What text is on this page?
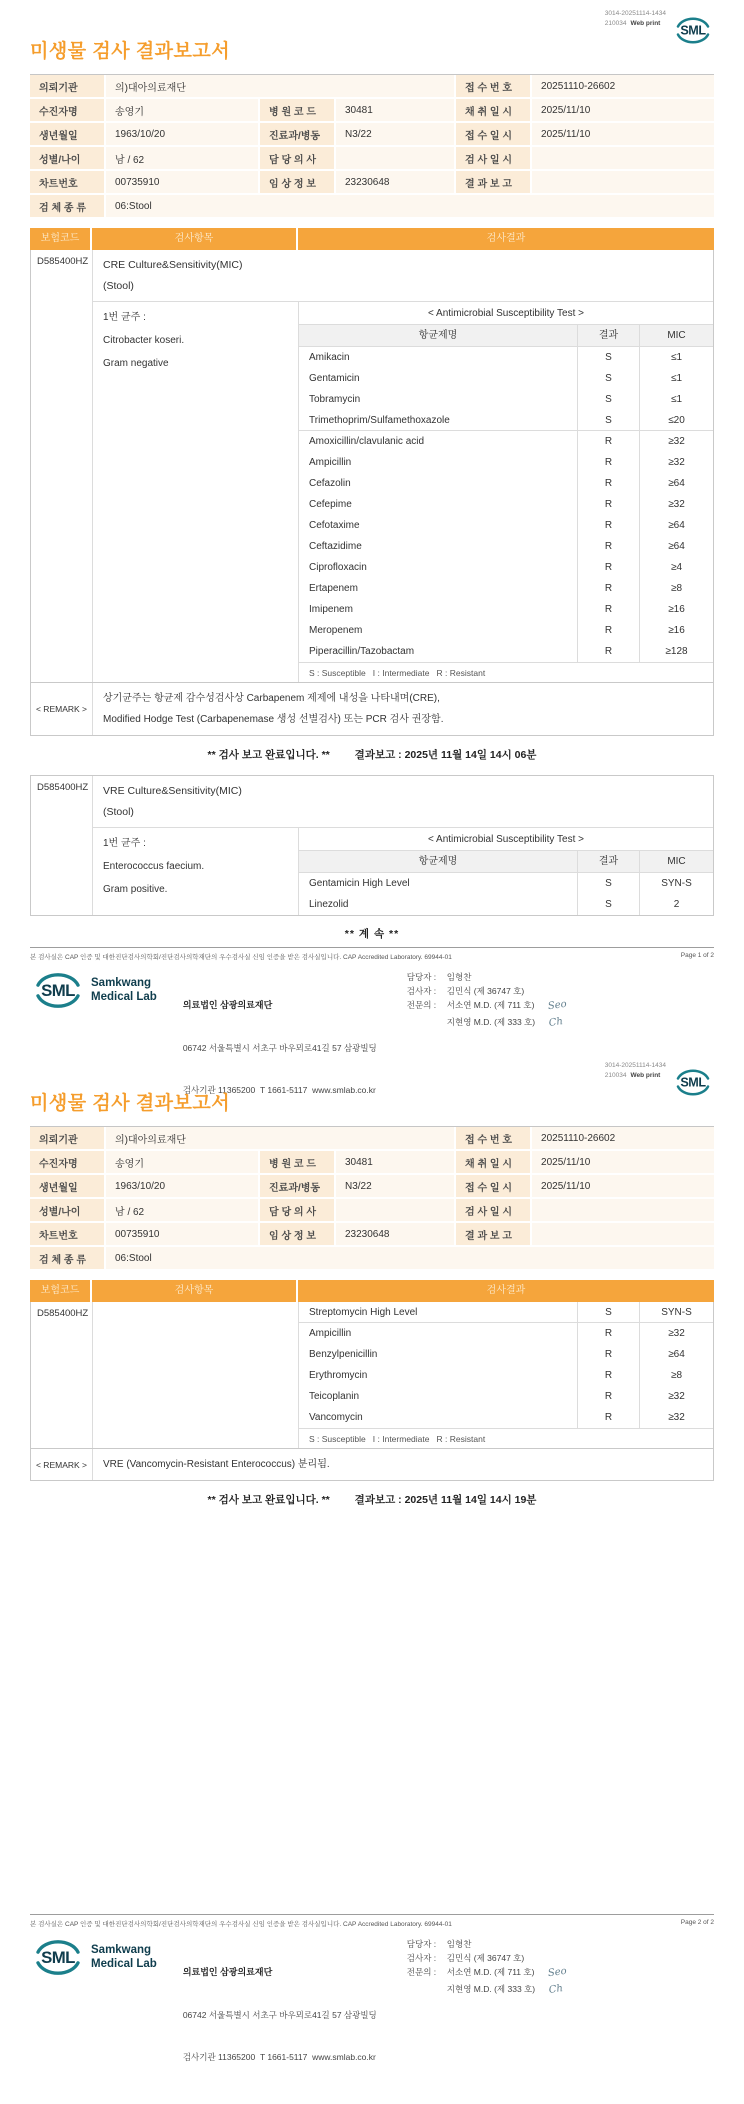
3014-20251114-1434
210034 Web print
SML
미생물 검사 결과보고서
의뢰기관	의)대아의료재단			접 수 번 호	20251110-26602
수진자명	송영기	병 원 코 드	30481	채 취 일 시	2025/11/10
생년월일	1963/10/20	진료과/병동	N3/22	접 수 일 시	2025/11/10
성별/나이	남 / 62	담 당 의 사		검 사 일 시	
차트번호	00735910	임 상 정 보	23230648	결 과 보 고	
검 체 종 류	06:Stool				
보험코드	검사항목	검사결과
D585400HZ	CRE Culture&Sensitivity(MIC)
(Stool)
1번 균주 :
Citrobacter koseri.
Gram negative
< Antimicrobial Susceptibility Test >
항균제명	결과	MIC
Amikacin	S	≤1
Gentamicin	S	≤1
Tobramycin	S	≤1
Trimethoprim/Sulfamethoxazole	S	≤20
Amoxicillin/clavulanic acid	R	≥32
Ampicillin	R	≥32
Cefazolin	R	≥64
Cefepime	R	≥32
Cefotaxime	R	≥64
Ceftazidime	R	≥64
Ciprofloxacin	R	≥4
Ertapenem	R	≥8
Imipenem	R	≥16
Meropenem	R	≥16
Piperacillin/Tazobactam	R	≥128
S : Susceptible   I : Intermediate   R : Resistant
< REMARK >
상기균주는 항균제 감수성검사상 Carbapenem 제제에 내성을 나타내며(CRE),
Modified Hodge Test (Carbapenemase 생성 선별검사) 또는 PCR 검사 권장함.
** 검사 보고 완료입니다. ** 결과보고 : 2025년 11월 14일 14시 06분
D585400HZ	VRE Culture&Sensitivity(MIC)
(Stool)
1번 균주 :
Enterococcus faecium.
Gram positive.
< Antimicrobial Susceptibility Test >
항균제명	결과	MIC
Gentamicin High Level	S	SYN-S
Linezolid	S	2
** 계 속 **
본 검사실은 CAP 인증 및 대한진단검사의학회/진단검사의학재단의 우수검사실 신임 인증을 받은 검사실입니다. CAP Accredited Laboratory. 69944-01	Page 1 of 2
SML Samkwang
Medical Lab

의료법인 삼광의료재단

06742 서울특별시 서초구 바우뫼로41길 57 삼광빌딩

검사기관 11365200  T 1661-5117  www.smlab.co.kr

담당자 :	임형찬
검사자 :	김민식 (제 36747 호)
전문의 :	서소연 M.D. (제 711 호) Seo
지현영 M.D. (제 333 호) Ch
3014-20251114-1434
210034 Web print
SML
미생물 검사 결과보고서
의뢰기관	의)대아의료재단			접 수 번 호	20251110-26602
수진자명	송영기	병 원 코 드	30481	채 취 일 시	2025/11/10
생년월일	1963/10/20	진료과/병동	N3/22	접 수 일 시	2025/11/10
성별/나이	남 / 62	담 당 의 사		검 사 일 시	
차트번호	00735910	임 상 정 보	23230648	결 과 보 고	
검 체 종 류	06:Stool				
보험코드	검사항목	검사결과
D585400HZ	Streptomycin High Level	S	SYN-S
Ampicillin	R	≥32
Benzylpenicillin	R	≥64
Erythromycin	R	≥8
Teicoplanin	R	≥32
Vancomycin	R	≥32
S : Susceptible   I : Intermediate   R : Resistant
< REMARK >	VRE (Vancomycin-Resistant Enterococcus) 분리됨.
** 검사 보고 완료입니다. ** 결과보고 : 2025년 11월 14일 14시 19분
본 검사실은 CAP 인증 및 대한진단검사의학회/진단검사의학재단의 우수검사실 신임 인증을 받은 검사실입니다. CAP Accredited Laboratory. 69944-01	Page 2 of 2
SML Samkwang
Medical Lab

의료법인 삼광의료재단

06742 서울특별시 서초구 바우뫼로41길 57 삼광빌딩

검사기관 11365200  T 1661-5117  www.smlab.co.kr

담당자 :	임형찬
검사자 :	김민식 (제 36747 호)
전문의 :	서소연 M.D. (제 711 호) Seo
지현영 M.D. (제 333 호) Ch
